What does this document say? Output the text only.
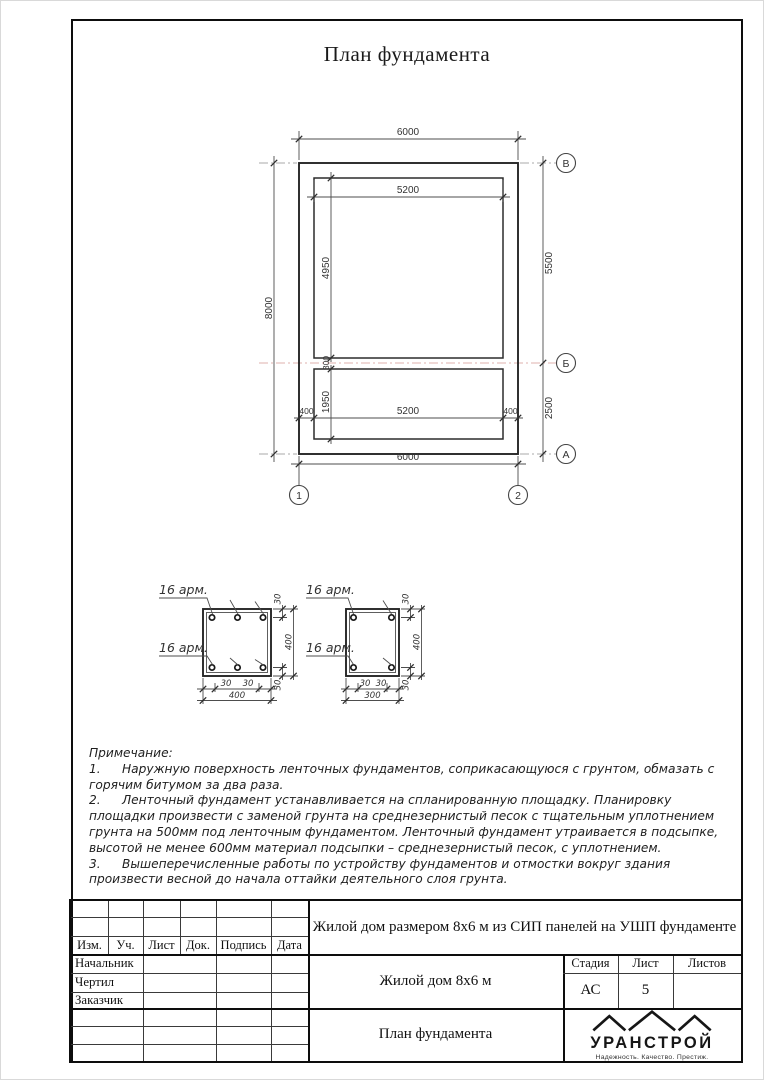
План фундамента
6000
5200
4950
8000
5500
2500
300
1950
400	5200	400
6000
В
Б
А
1	2
16 арм.
16 арм.
30 30
400
30
400
30
16 арм.
16 арм.
30 30
300
30
400
30

Примечание:

1. Наружную поверхность ленточных фундаментов, соприкасающуюся с грунтом, обмазать с горячим битумом за два раза.

2. Ленточный фундамент устанавливается на спланированную площадку. Планировку площадки произвести с заменой грунта на среднезернистый песок с тщательным уплотнением грунта на 500мм под ленточным фундаментом. Ленточный фундамент утраивается в подсыпке, высотой не менее 600мм материал подсыпки – среднезернистый песок, с уплотнением.

3. Вышеперечисленные работы по устройству фундаментов и отмостки вокруг здания произвести весной до начала оттайки деятельного слоя грунта.

Изм.	Уч.	Лист Док. Подпись Дата
Начальник
Чертил
Заказчик
Жилой дом размером 8х6 м из СИП панелей на УШП фундаменте
Жилой дом 8х6 м
План фундамента
Стадия	Лист	Листов
АС	5
УРАНСТРОЙ
Надежность. Качество. Престиж.
